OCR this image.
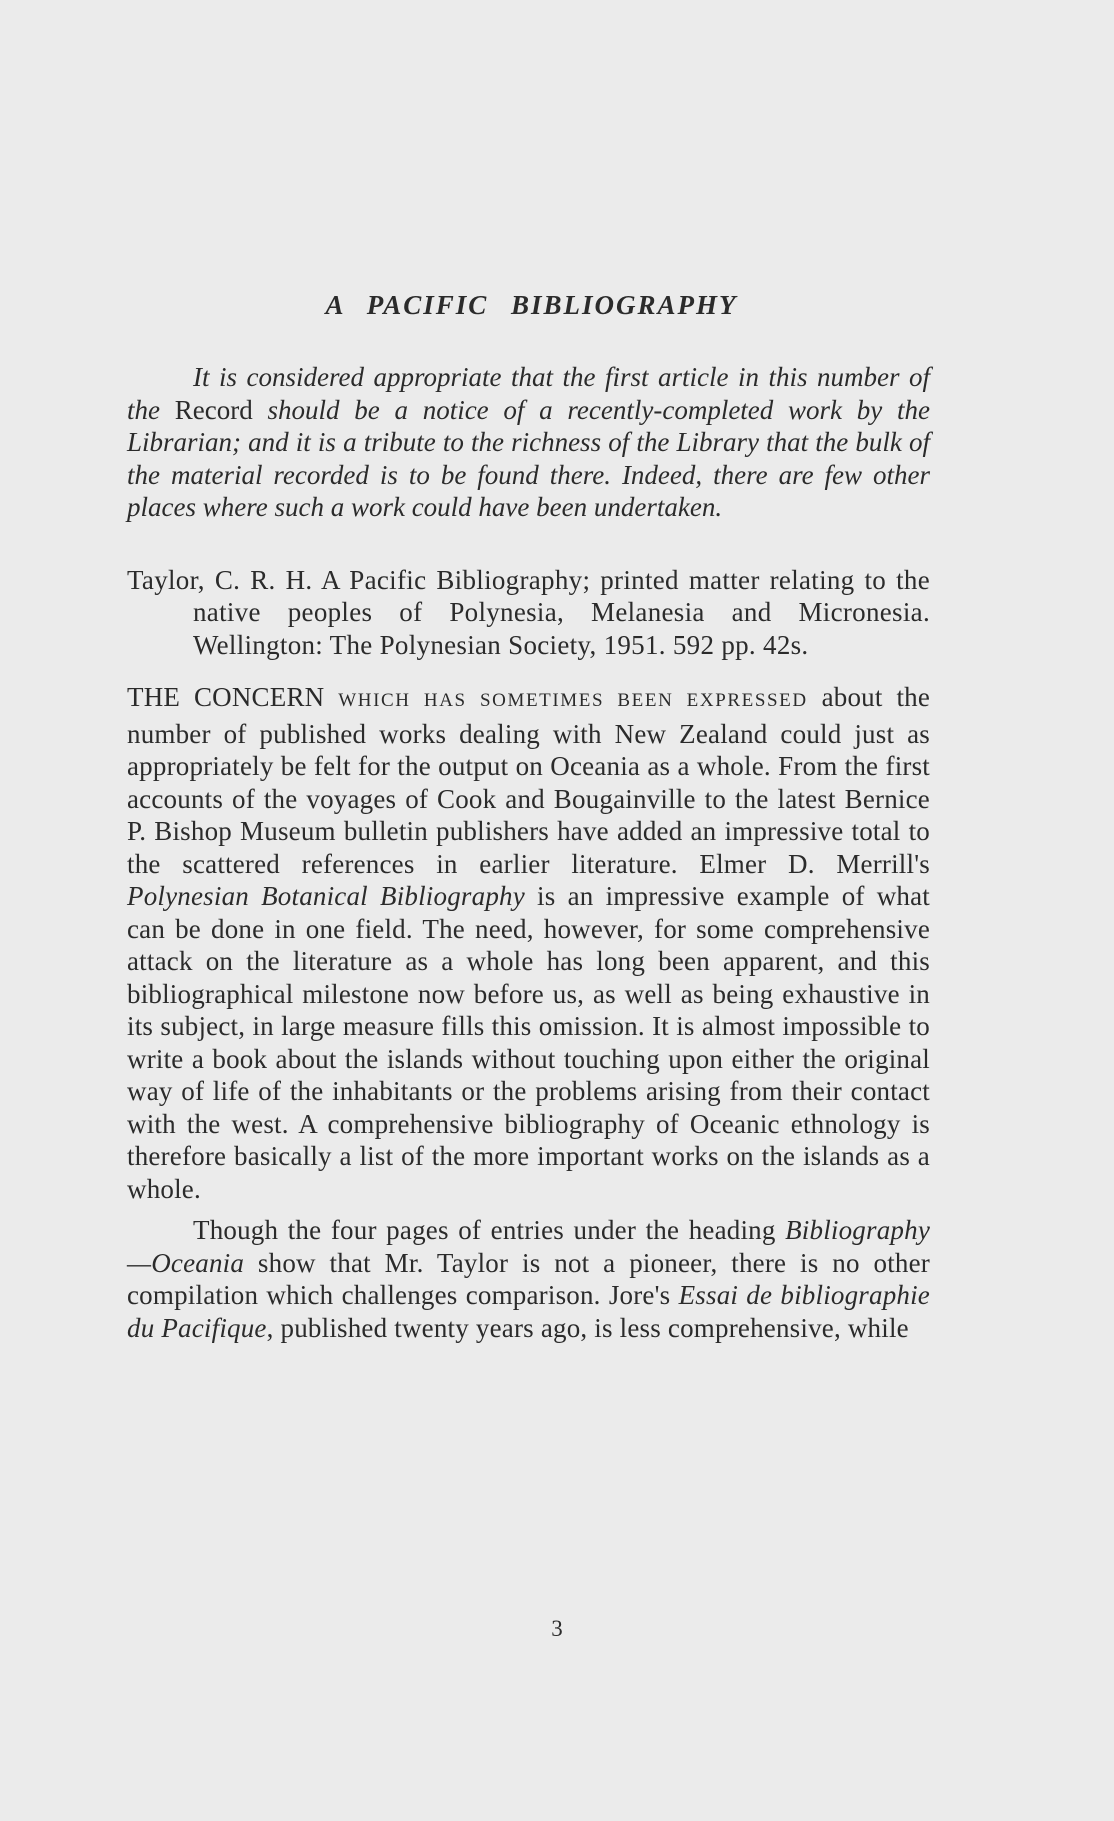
A PACIFIC BIBLIOGRAPHY

It is considered appropriate that the first article in this number of the Record should be a notice of a recently-completed work by the Librarian; and it is a tribute to the richness of the Library that the bulk of the material recorded is to be found there. Indeed, there are few other places where such a work could have been undertaken.

Taylor, C. R. H. A Pacific Bibliography; printed matter relating to the native peoples of Polynesia, Melanesia and Micronesia. Wellington: The Polynesian Society, 1951. 592 pp. 42s.

THE CONCERN WHICH HAS SOMETIMES BEEN EXPRESSED about the number of published works dealing with New Zealand could just as appropriately be felt for the output on Oceania as a whole. From the first accounts of the voyages of Cook and Bougainville to the latest Bernice P. Bishop Museum bulletin publishers have added an impressive total to the scattered references in earlier literature. Elmer D. Merrill's Polynesian Botanical Bibliography is an impressive example of what can be done in one field. The need, however, for some comprehensive attack on the literature as a whole has long been apparent, and this bibliographical milestone now before us, as well as being exhaustive in its subject, in large measure fills this omission. It is almost impossible to write a book about the islands without touching upon either the original way of life of the inhabitants or the problems arising from their contact with the west. A comprehensive bibliography of Oceanic ethnology is therefore basically a list of the more important works on the islands as a whole.

Though the four pages of entries under the heading Bibliography—Oceania show that Mr. Taylor is not a pioneer, there is no other compilation which challenges comparison. Jore's Essai de bibliographie du Pacifique, published twenty years ago, is less comprehensive, while

3
